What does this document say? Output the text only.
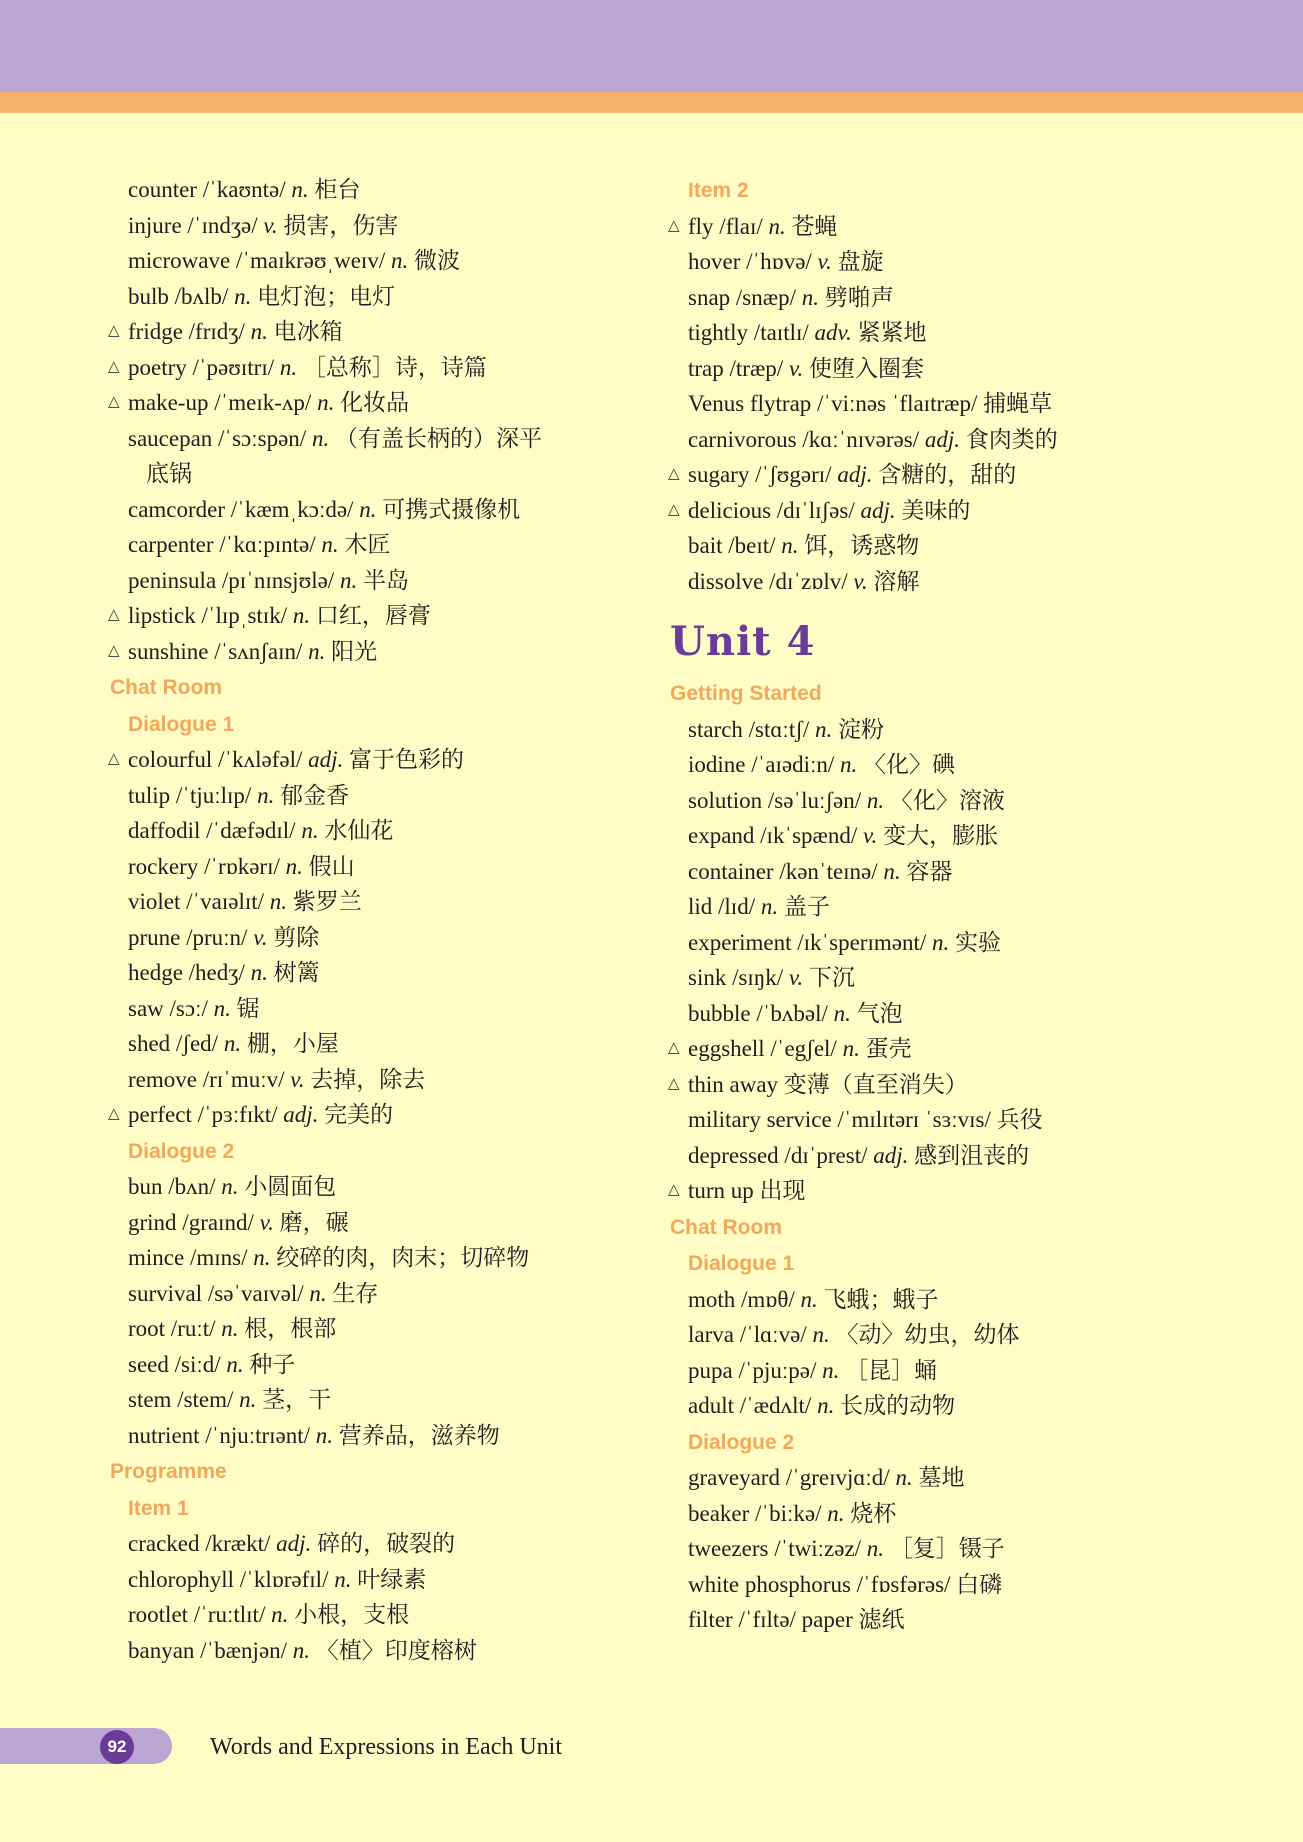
counter /ˈkaʊntə/ n. 柜台
injure /ˈɪndʒə/ v. 损害，伤害
microwave /ˈmaɪkrəʊˌweɪv/ n. 微波
bulb /bʌlb/ n. 电灯泡；电灯
△ fridge /frɪdʒ/ n. 电冰箱
△ poetry /ˈpəʊɪtrɪ/ n. ［总称］诗，诗篇
△ make-up /ˈmeɪk-ʌp/ n. 化妆品
saucepan /ˈsɔːspən/ n. （有盖长柄的）深平
底锅
camcorder /ˈkæmˌkɔːdə/ n. 可携式摄像机
carpenter /ˈkɑːpɪntə/ n. 木匠
peninsula /pɪˈnɪnsjʊlə/ n. 半岛
△ lipstick /ˈlɪpˌstɪk/ n. 口红，唇膏
△ sunshine /ˈsʌnʃaɪn/ n. 阳光
Chat Room
Dialogue 1
△ colourful /ˈkʌləfəl/ adj. 富于色彩的
tulip /ˈtjuːlɪp/ n. 郁金香
daffodil /ˈdæfədɪl/ n. 水仙花
rockery /ˈrɒkərɪ/ n. 假山
violet /ˈvaɪəlɪt/ n. 紫罗兰
prune /pruːn/ v. 剪除
hedge /hedʒ/ n. 树篱
saw /sɔː/ n. 锯
shed /ʃed/ n. 棚，小屋
remove /rɪˈmuːv/ v. 去掉，除去
△ perfect /ˈpɜːfɪkt/ adj. 完美的
Dialogue 2
bun /bʌn/ n. 小圆面包
grind /graɪnd/ v. 磨，碾
mince /mɪns/ n. 绞碎的肉，肉末；切碎物
survival /səˈvaɪvəl/ n. 生存
root /ruːt/ n. 根，根部
seed /siːd/ n. 种子
stem /stem/ n. 茎，干
nutrient /ˈnjuːtrɪənt/ n. 营养品，滋养物
Programme
Item 1
cracked /krækt/ adj. 碎的，破裂的
chlorophyll /ˈklɒrəfɪl/ n. 叶绿素
rootlet /ˈruːtlɪt/ n. 小根，支根
banyan /ˈbænjən/ n. 〈植〉印度榕树
Item 2
△ fly /flaɪ/ n. 苍蝇
hover /ˈhɒvə/ v. 盘旋
snap /snæp/ n. 劈啪声
tightly /taɪtlɪ/ adv. 紧紧地
trap /træp/ v. 使堕入圈套
Venus flytrap /ˈviːnəs ˈflaɪtræp/ 捕蝇草
carnivorous /kɑːˈnɪvərəs/ adj. 食肉类的
△ sugary /ˈʃʊgərɪ/ adj. 含糖的，甜的
△ delicious /dɪˈlɪʃəs/ adj. 美味的
bait /beɪt/ n. 饵，诱惑物
dissolve /dɪˈzɒlv/ v. 溶解
Unit 4
Getting Started
starch /stɑːtʃ/ n. 淀粉
iodine /ˈaɪədiːn/ n. 〈化〉碘
solution /səˈluːʃən/ n. 〈化〉溶液
expand /ɪkˈspænd/ v. 变大，膨胀
container /kənˈteɪnə/ n. 容器
lid /lɪd/ n. 盖子
experiment /ɪkˈsperɪmənt/ n. 实验
sink /sɪŋk/ v. 下沉
bubble /ˈbʌbəl/ n. 气泡
△ eggshell /ˈegʃel/ n. 蛋壳
△ thin away 变薄（直至消失）
military service /ˈmɪlɪtərɪ ˈsɜːvɪs/ 兵役
depressed /dɪˈprest/ adj. 感到沮丧的
△ turn up 出现
Chat Room
Dialogue 1
moth /mɒθ/ n. 飞蛾；蛾子
larva /ˈlɑːvə/ n. 〈动〉幼虫，幼体
pupa /ˈpjuːpə/ n. ［昆］蛹
adult /ˈædʌlt/ n. 长成的动物
Dialogue 2
graveyard /ˈgreɪvjɑːd/ n. 墓地
beaker /ˈbiːkə/ n. 烧杯
tweezers /ˈtwiːzəz/ n. ［复］镊子
white phosphorus /ˈfɒsfərəs/ 白磷
filter /ˈfɪltə/ paper 滤纸
92	Words and Expressions in Each Unit
